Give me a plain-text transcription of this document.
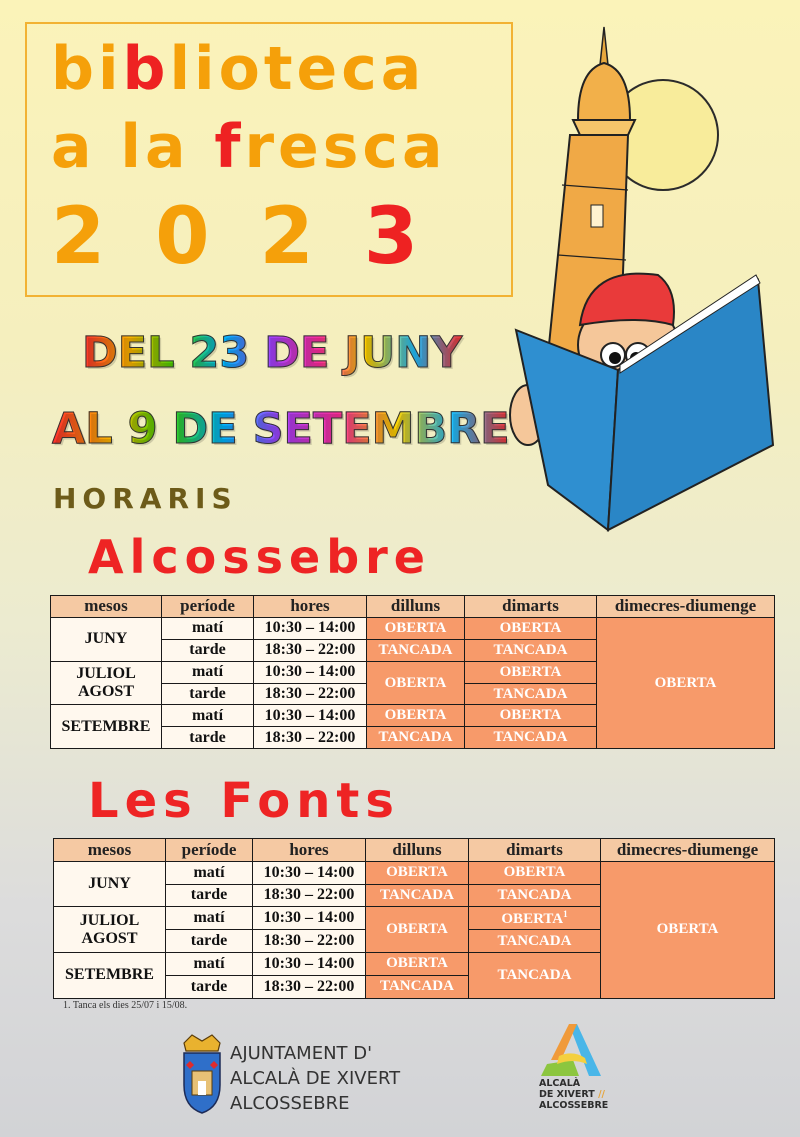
biblioteca
a la fresca
2023
DEL 23 DE JUNY
AL 9 DE SETEMBRE
HORARIS
Alcossebre
mesos	període	hores	dilluns	dimarts	dimecres-diumenge
JUNY	matí	10:30 – 14:00	OBERTA	OBERTA	OBERTA
	tarde	18:30 – 22:00	TANCADA	TANCADA	
JULIOL
AGOST	matí	10:30 – 14:00	OBERTA	OBERTA	
	tarde	18:30 – 22:00		TANCADA	
SETEMBRE	matí	10:30 – 14:00	OBERTA	OBERTA	
	tarde	18:30 – 22:00	TANCADA	TANCADA	
Les Fonts
mesos	període	hores	dilluns	dimarts	dimecres-diumenge
JUNY	matí	10:30 – 14:00	OBERTA	OBERTA	OBERTA
	tarde	18:30 – 22:00	TANCADA	TANCADA	
JULIOL
AGOST	matí	10:30 – 14:00	OBERTA	OBERTA$^1$
	tarde	18:30 – 22:00		TANCADA	
SETEMBRE	matí	10:30 – 14:00	OBERTA	TANCADA	
	tarde	18:30 – 22:00	TANCADA		
1. Tanca els dies 25/07 i 15/08.
AJUNTAMENT D'
ALCALÀ DE XIVERT
ALCOSSEBRE
ALCALÀ
DE XIVERT //
ALCOSSEBRE
